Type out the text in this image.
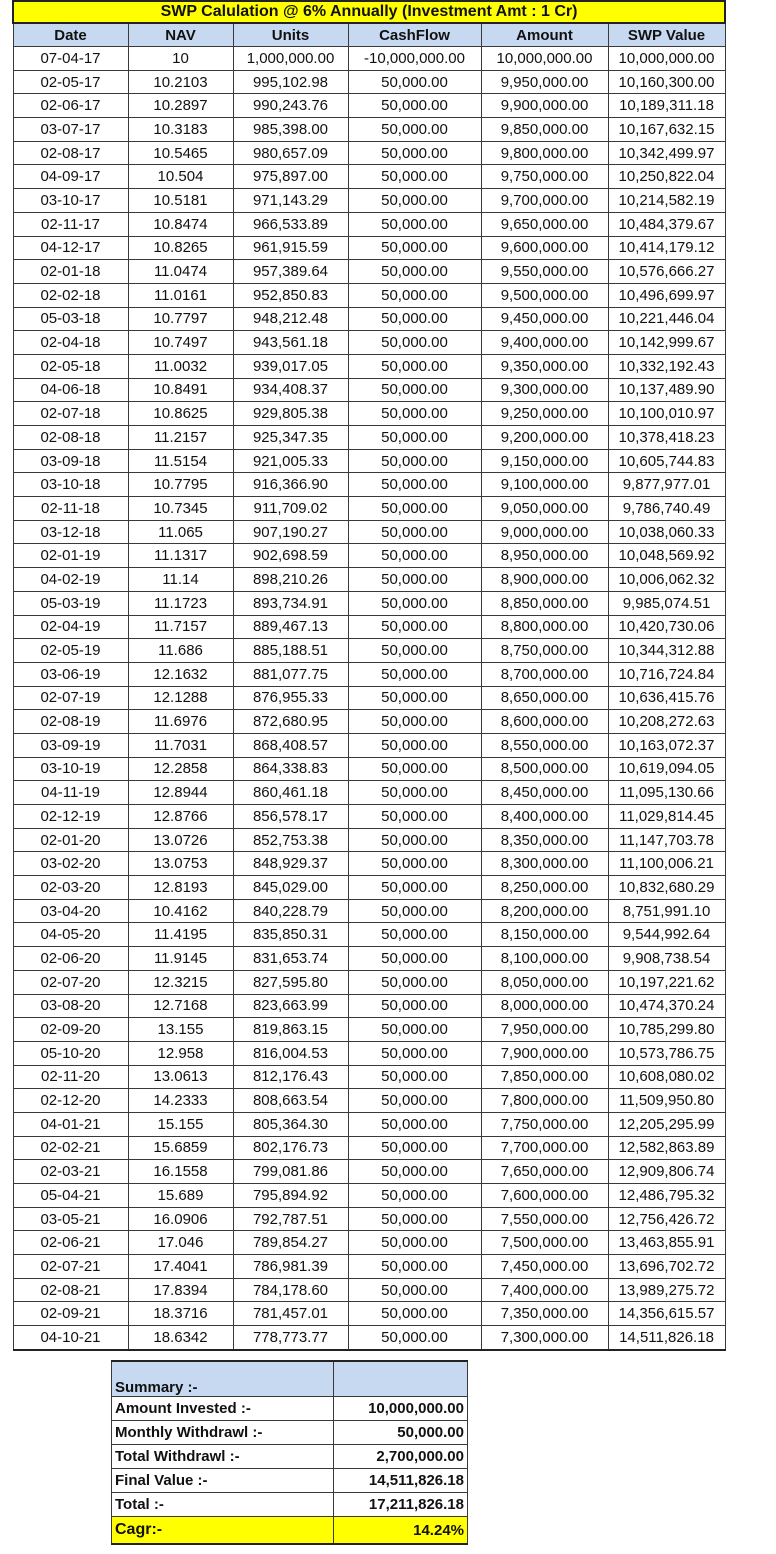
SWP Calulation @ 6% Annually (Investment Amt : 1 Cr)					
Date	NAV	Units	CashFlow	Amount	SWP Value
07-04-17	10	1,000,000.00	-10,000,000.00	10,000,000.00	10,000,000.00
02-05-17	10.2103	995,102.98	50,000.00	9,950,000.00	10,160,300.00
02-06-17	10.2897	990,243.76	50,000.00	9,900,000.00	10,189,311.18
03-07-17	10.3183	985,398.00	50,000.00	9,850,000.00	10,167,632.15
02-08-17	10.5465	980,657.09	50,000.00	9,800,000.00	10,342,499.97
04-09-17	10.504	975,897.00	50,000.00	9,750,000.00	10,250,822.04
03-10-17	10.5181	971,143.29	50,000.00	9,700,000.00	10,214,582.19
02-11-17	10.8474	966,533.89	50,000.00	9,650,000.00	10,484,379.67
04-12-17	10.8265	961,915.59	50,000.00	9,600,000.00	10,414,179.12
02-01-18	11.0474	957,389.64	50,000.00	9,550,000.00	10,576,666.27
02-02-18	11.0161	952,850.83	50,000.00	9,500,000.00	10,496,699.97
05-03-18	10.7797	948,212.48	50,000.00	9,450,000.00	10,221,446.04
02-04-18	10.7497	943,561.18	50,000.00	9,400,000.00	10,142,999.67
02-05-18	11.0032	939,017.05	50,000.00	9,350,000.00	10,332,192.43
04-06-18	10.8491	934,408.37	50,000.00	9,300,000.00	10,137,489.90
02-07-18	10.8625	929,805.38	50,000.00	9,250,000.00	10,100,010.97
02-08-18	11.2157	925,347.35	50,000.00	9,200,000.00	10,378,418.23
03-09-18	11.5154	921,005.33	50,000.00	9,150,000.00	10,605,744.83
03-10-18	10.7795	916,366.90	50,000.00	9,100,000.00	9,877,977.01
02-11-18	10.7345	911,709.02	50,000.00	9,050,000.00	9,786,740.49
03-12-18	11.065	907,190.27	50,000.00	9,000,000.00	10,038,060.33
02-01-19	11.1317	902,698.59	50,000.00	8,950,000.00	10,048,569.92
04-02-19	11.14	898,210.26	50,000.00	8,900,000.00	10,006,062.32
05-03-19	11.1723	893,734.91	50,000.00	8,850,000.00	9,985,074.51
02-04-19	11.7157	889,467.13	50,000.00	8,800,000.00	10,420,730.06
02-05-19	11.686	885,188.51	50,000.00	8,750,000.00	10,344,312.88
03-06-19	12.1632	881,077.75	50,000.00	8,700,000.00	10,716,724.84
02-07-19	12.1288	876,955.33	50,000.00	8,650,000.00	10,636,415.76
02-08-19	11.6976	872,680.95	50,000.00	8,600,000.00	10,208,272.63
03-09-19	11.7031	868,408.57	50,000.00	8,550,000.00	10,163,072.37
03-10-19	12.2858	864,338.83	50,000.00	8,500,000.00	10,619,094.05
04-11-19	12.8944	860,461.18	50,000.00	8,450,000.00	11,095,130.66
02-12-19	12.8766	856,578.17	50,000.00	8,400,000.00	11,029,814.45
02-01-20	13.0726	852,753.38	50,000.00	8,350,000.00	11,147,703.78
03-02-20	13.0753	848,929.37	50,000.00	8,300,000.00	11,100,006.21
02-03-20	12.8193	845,029.00	50,000.00	8,250,000.00	10,832,680.29
03-04-20	10.4162	840,228.79	50,000.00	8,200,000.00	8,751,991.10
04-05-20	11.4195	835,850.31	50,000.00	8,150,000.00	9,544,992.64
02-06-20	11.9145	831,653.74	50,000.00	8,100,000.00	9,908,738.54
02-07-20	12.3215	827,595.80	50,000.00	8,050,000.00	10,197,221.62
03-08-20	12.7168	823,663.99	50,000.00	8,000,000.00	10,474,370.24
02-09-20	13.155	819,863.15	50,000.00	7,950,000.00	10,785,299.80
05-10-20	12.958	816,004.53	50,000.00	7,900,000.00	10,573,786.75
02-11-20	13.0613	812,176.43	50,000.00	7,850,000.00	10,608,080.02
02-12-20	14.2333	808,663.54	50,000.00	7,800,000.00	11,509,950.80
04-01-21	15.155	805,364.30	50,000.00	7,750,000.00	12,205,295.99
02-02-21	15.6859	802,176.73	50,000.00	7,700,000.00	12,582,863.89
02-03-21	16.1558	799,081.86	50,000.00	7,650,000.00	12,909,806.74
05-04-21	15.689	795,894.92	50,000.00	7,600,000.00	12,486,795.32
03-05-21	16.0906	792,787.51	50,000.00	7,550,000.00	12,756,426.72
02-06-21	17.046	789,854.27	50,000.00	7,500,000.00	13,463,855.91
02-07-21	17.4041	786,981.39	50,000.00	7,450,000.00	13,696,702.72
02-08-21	17.8394	784,178.60	50,000.00	7,400,000.00	13,989,275.72
02-09-21	18.3716	781,457.01	50,000.00	7,350,000.00	14,356,615.57
04-10-21	18.6342	778,773.77	50,000.00	7,300,000.00	14,511,826.18
Summary :-	
Amount Invested :-	10,000,000.00
Monthly Withdrawl :-	50,000.00
Total Withdrawl :-	2,700,000.00
Final Value :-	14,511,826.18
Total :-	17,211,826.18
Cagr:-	14.24%
